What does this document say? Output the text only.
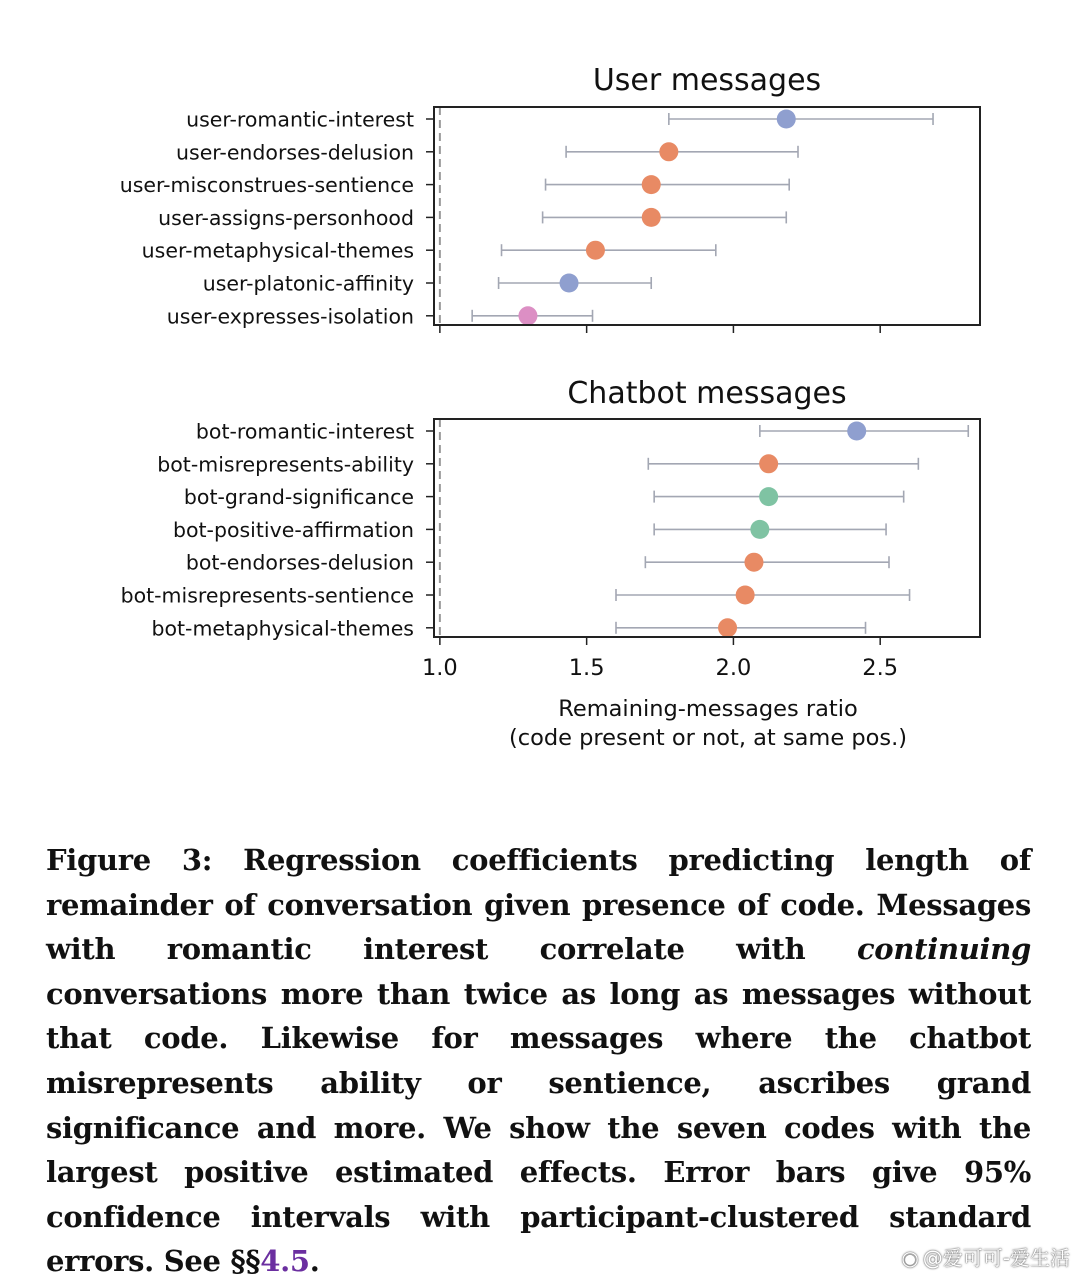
User messages
user-romantic-interest
user-endorses-delusion
user-misconstrues-sentience
user-assigns-personhood
user-metaphysical-themes
user-platonic-affinity
user-expresses-isolation
Chatbot messages
bot-romantic-interest
bot-misrepresents-ability
bot-grand-significance
bot-positive-affirmation
bot-endorses-delusion
bot-misrepresents-sentience
bot-metaphysical-themes
1.0	1.5	2.0	2.5
Remaining-messages ratio
(code present or not, at same pos.)
Figure 3: Regression coefficients predicting length of remainder of conversation given presence of code. Messages with romantic interest correlate with continuing conversations more than twice as long as messages without that code. Likewise for messages where the chatbot misrepresents ability or sentience, ascribes grand significance and more. We show the seven codes with the largest positive estimated effects. Error bars give 95% confidence intervals with participant-clustered standard errors. See §§4.5.	◉ @爱可可-爱生活
